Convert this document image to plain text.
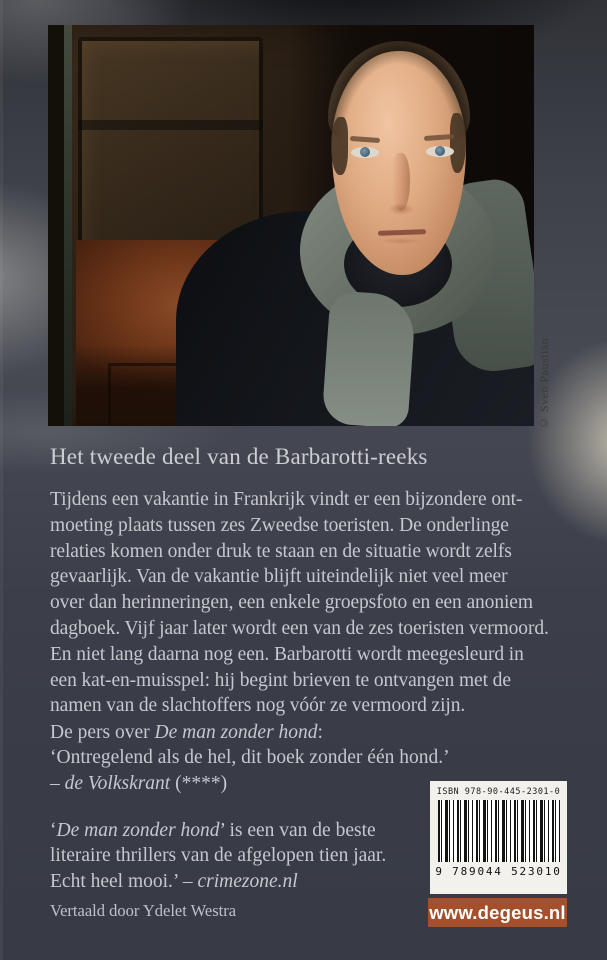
© Sven Paustian
Het tweede deel van de Barbarotti-reeks
Tijdens een vakantie in Frankrijk vindt er een bijzondere ont-
moeting plaats tussen zes Zweedse toeristen. De onderlinge
relaties komen onder druk te staan en de situatie wordt zelfs
gevaarlijk. Van de vakantie blijft uiteindelijk niet veel meer
over dan herinneringen, een enkele groepsfoto en een anoniem
dagboek. Vijf jaar later wordt een van de zes toeristen vermoord.
En niet lang daarna nog een. Barbarotti wordt meegesleurd in
een kat-en-muisspel: hij begint brieven te ontvangen met de
namen van de slachtoffers nog vóór ze vermoord zijn.
De pers over De man zonder hond:
‘Ontregelend als de hel, dit boek zonder één hond.’
– de Volkskrant (****)
‘De man zonder hond’ is een van de beste
literaire thrillers van de afgelopen tien jaar.
Echt heel mooi.’ – crimezone.nl
Vertaald door Ydelet Westra
ISBN 978-90-445-2301-0
9 789044 523010
www.degeus.nl
